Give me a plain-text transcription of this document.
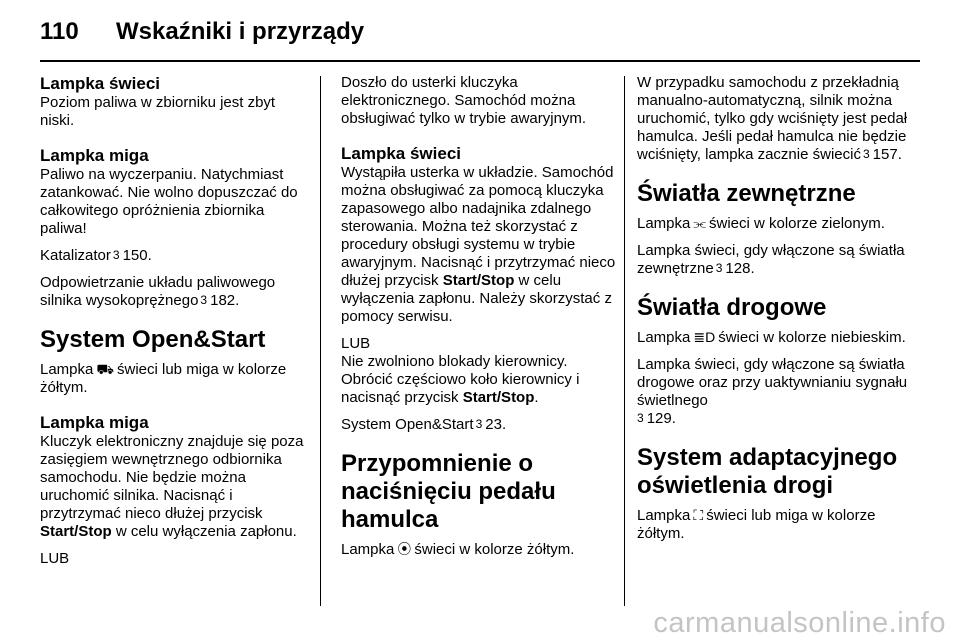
110 Wskaźniki i przyrządy

Lampka świeci

Poziom paliwa w zbiorniku jest zbyt niski.

Lampka miga

Paliwo na wyczerpaniu. Natychmiast zatankować. Nie wolno dopuszczać do całkowitego opróżnienia zbiornika paliwa!

Katalizator 3 150.

Odpowietrzanie układu paliwowego silnika wysokoprężnego 3 182.

System Open&Start

Lampka ⛟ świeci lub miga w kolorze żółtym.

Lampka miga

Kluczyk elektroniczny znajduje się poza zasięgiem wewnętrznego odbiornika samochodu. Nie będzie można uruchomić silnika. Nacisnąć i przytrzymać nieco dłużej przycisk Start/Stop w celu wyłączenia zapłonu.

LUB

Doszło do usterki kluczyka elektronicznego. Samochód można obsługiwać tylko w trybie awaryjnym.

Lampka świeci

Wystąpiła usterka w układzie. Samochód można obsługiwać za pomocą kluczyka zapasowego albo nadajnika zdalnego sterowania. Można też skorzystać z procedury obsługi systemu w trybie awaryjnym. Nacisnąć i przytrzymać nieco dłużej przycisk Start/Stop w celu wyłączenia zapłonu. Należy skorzystać z pomocy serwisu.

LUB

Nie zwolniono blokady kierownicy. Obrócić częściowo koło kierownicy i nacisnąć przycisk Start/Stop.

System Open&Start 3 23.

Przypomnienie o naciśnięciu pedału hamulca

Lampka ⦿ świeci w kolorze żółtym.

W przypadku samochodu z przekładnią manualno-automatyczną, silnik można uruchomić, tylko gdy wciśnięty jest pedał hamulca. Jeśli pedał hamulca nie będzie wciśnięty, lampka zacznie świecić 3 157.

Światła zewnętrzne

Lampka ⫘ świeci w kolorze zielonym.

Lampka świeci, gdy włączone są światła zewnętrzne 3 128.

Światła drogowe

Lampka ≣D świeci w kolorze niebieskim.

Lampka świeci, gdy włączone są światła drogowe oraz przy uaktywnianiu sygnału świetlnego
3 129.

System adaptacyjnego oświetlenia drogi

Lampka ⛶ świeci lub miga w kolorze żółtym.

carmanualsonline.info
